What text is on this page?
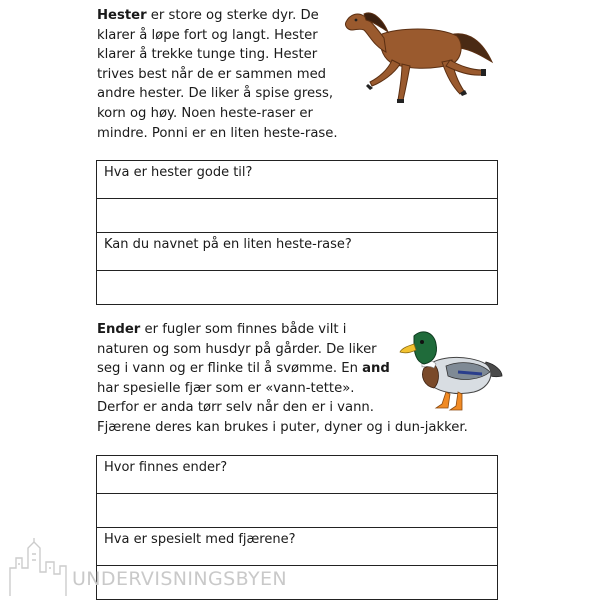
Hester er store og sterke dyr. De
klarer å løpe fort og langt. Hester
klarer å trekke tunge ting. Hester
trives best når de er sammen med
andre hester. De liker å spise gress,
korn og høy. Noen heste-raser er
mindre. Ponni er en liten heste-rase.

Hva er hester gode til?

Kan du navnet på en liten heste-rase?

Ender er fugler som finnes både vilt i
naturen og som husdyr på gårder. De liker
seg i vann og er flinke til å svømme. En and
har spesielle fjær som er «vann-tette».
Derfor er anda tørr selv når den er i vann.
Fjærene deres kan brukes i puter, dyner og i dun-jakker.

Hvor finnes ender?

Hva er spesielt med fjærene?

UNDERVISNINGSBYEN
